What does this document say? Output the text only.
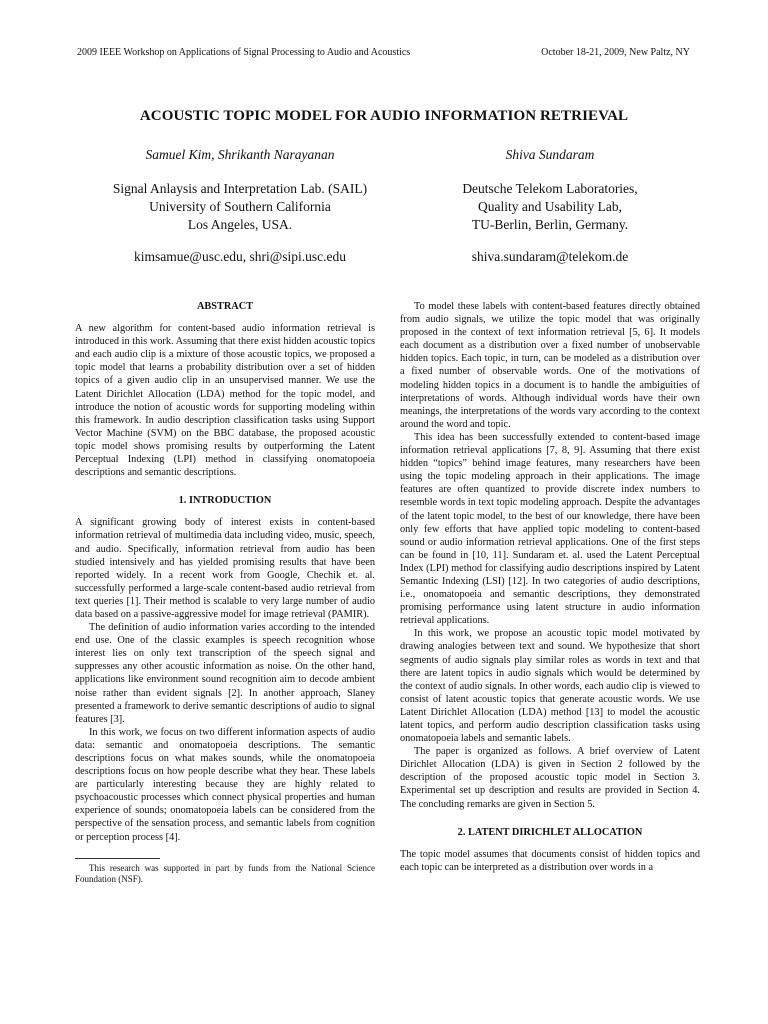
2009 IEEE Workshop on Applications of Signal Processing to Audio and Acoustics	October 18-21, 2009, New Paltz, NY
ACOUSTIC TOPIC MODEL FOR AUDIO INFORMATION RETRIEVAL
Samuel Kim, Shrikanth Narayanan
Signal Anlaysis and Interpretation Lab. (SAIL)
University of Southern California
Los Angeles, USA.
kimsamue@usc.edu, shri@sipi.usc.edu
Shiva Sundaram
Deutsche Telekom Laboratories,
Quality and Usability Lab,
TU-Berlin, Berlin, Germany.
shiva.sundaram@telekom.de
ABSTRACT

A new algorithm for content-based audio information retrieval is introduced in this work. Assuming that there exist hidden acoustic topics and each audio clip is a mixture of those acoustic topics, we proposed a topic model that learns a probability distribution over a set of hidden topics of a given audio clip in an unsupervised manner. We use the Latent Dirichlet Allocation (LDA) method for the topic model, and introduce the notion of acoustic words for supporting modeling within this framework. In audio description classification tasks using Support Vector Machine (SVM) on the BBC database, the proposed acoustic topic model shows promising results by outperforming the Latent Perceptual Indexing (LPI) method in classifying onomatopoeia descriptions and semantic descriptions.

1. INTRODUCTION

A significant growing body of interest exists in content-based information retrieval of multimedia data including video, music, speech, and audio. Specifically, information retrieval from audio has been studied intensively and has yielded promising results that have been reported widely. In a recent work from Google, Chechik et. al. successfully performed a large-scale content-based audio retrieval from text queries [1]. Their method is scalable to very large number of audio data based on a passive-aggressive model for image retrieval (PAMIR).

The definition of audio information varies according to the intended end use. One of the classic examples is speech recognition whose interest lies on only text transcription of the speech signal and suppresses any other acoustic information as noise. On the other hand, applications like environment sound recognition aim to decode ambient noise rather than evident signals [2]. In another approach, Slaney presented a framework to derive semantic descriptions of audio to signal features [3].

In this work, we focus on two different information aspects of audio data: semantic and onomatopoeia descriptions. The semantic descriptions focus on what makes sounds, while the onomatopoeia descriptions focus on how people describe what they hear. These labels are particularly interesting because they are highly related to psychoacoustic processes which connect physical properties and human experience of sounds; onomatopoeia labels can be considered from the perspective of the sensation process, and semantic labels from cognition or perception process [4].

This research was supported in part by funds from the National Science Foundation (NSF).

To model these labels with content-based features directly obtained from audio signals, we utilize the topic model that was originally proposed in the context of text information retrieval [5, 6]. It models each document as a distribution over a fixed number of unobservable hidden topics. Each topic, in turn, can be modeled as a distribution over a fixed number of observable words. One of the motivations of modeling hidden topics in a document is to handle the ambiguities of interpretations of words. Although individual words have their own meanings, the interpretations of the words vary according to the context around the word and topic.

This idea has been successfully extended to content-based image information retrieval applications [7, 8, 9]. Assuming that there exist hidden “topics” behind image features, many researchers have been using the topic modeling approach in their applications. The image features are often quantized to provide discrete index numbers to resemble words in text topic modeling approach. Despite the advantages of the latent topic model, to the best of our knowledge, there have been only few efforts that have applied topic modeling to content-based sound or audio information retrieval applications. One of the first steps can be found in [10, 11]. Sundaram et. al. used the Latent Perceptual Index (LPI) method for classifying audio descriptions inspired by Latent Semantic Indexing (LSI) [12]. In two categories of audio descriptions, i.e., onomatopoeia and semantic descriptions, they demonstrated promising performance using latent structure in audio information retrieval applications.

In this work, we propose an acoustic topic model motivated by drawing analogies between text and sound. We hypothesize that short segments of audio signals play similar roles as words in text and that there are latent topics in audio signals which would be determined by the context of audio signals. In other words, each audio clip is viewed to consist of latent acoustic topics that generate acoustic words. We use Latent Dirichlet Allocation (LDA) method [13] to model the acoustic latent topics, and perform audio description classification tasks using onomatopoeia labels and semantic labels.

The paper is organized as follows. A brief overview of Latent Dirichlet Allocation (LDA) is given in Section 2 followed by the description of the proposed acoustic topic model in Section 3. Experimental set up description and results are provided in Section 4. The concluding remarks are given in Section 5.

2. LATENT DIRICHLET ALLOCATION

The topic model assumes that documents consist of hidden topics and each topic can be interpreted as a distribution over words in a
